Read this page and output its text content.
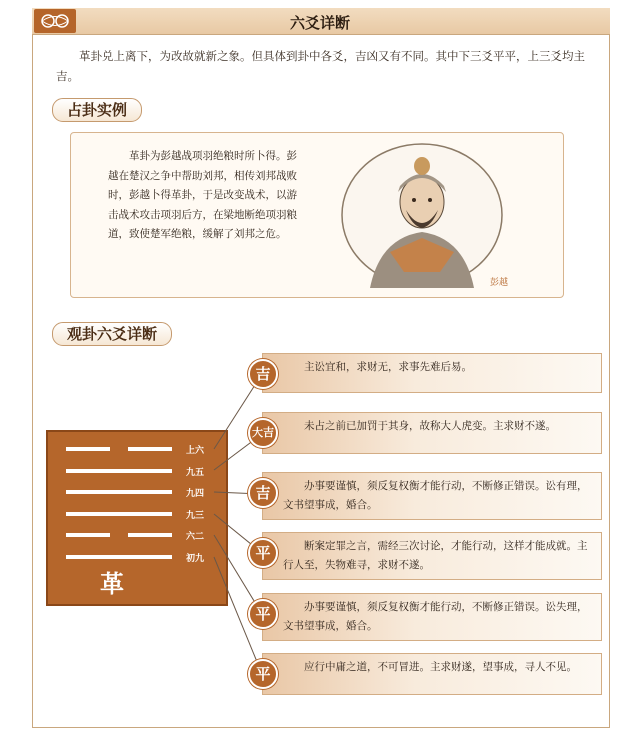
六爻详断
革卦兑上离下，为改故就新之象。但具体到卦中各爻，吉凶又有不同。其中下三爻平平，上三爻均主吉。
占卦实例
革卦为彭越战项羽绝粮时所卜得。彭越在楚汉之争中帮助刘邦，相传刘邦战败时，彭越卜得革卦，于是改变战术，以游击战术攻击项羽后方，在梁地断绝项羽粮道，致使楚军绝粮，缓解了刘邦之危。
彭越
观卦六爻详断
上六
九五
九四
九三
六二
初九
革
主讼宜和，求财无，求事先难后易。
吉
未占之前已加罚于其身，故称大人虎变。主求财不遂。
大吉
办事要谨慎，须反复权衡才能行动，不断修正错误。讼有理，文书望事成，婚合。
吉
断案定罪之言，需经三次讨论，才能行动，这样才能成就。主行人至，失物难寻，求财不遂。
平
办事要谨慎，须反复权衡才能行动，不断修正错误。讼失理，文书望事成，婚合。
平
应行中庸之道，不可冒进。主求财遂，望事成，寻人不见。
平
